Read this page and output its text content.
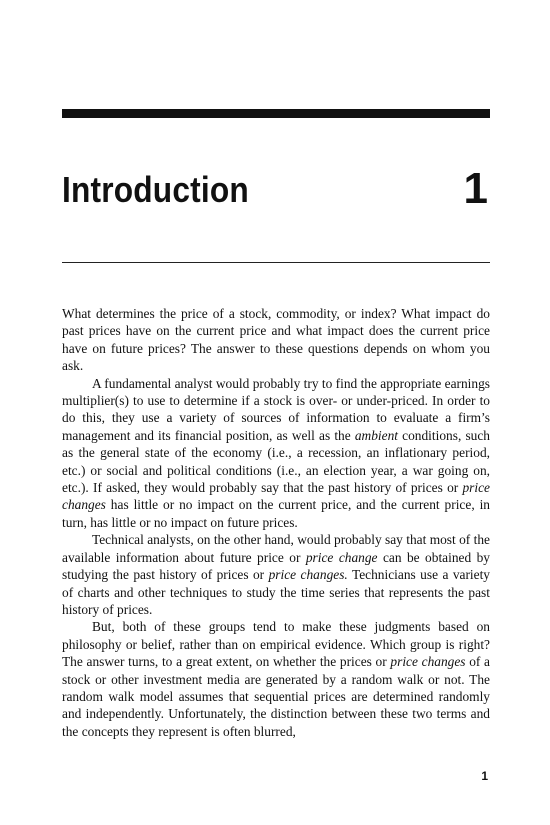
Introduction	1

What determines the price of a stock, commodity, or index? What impact do past prices have on the current price and what impact does the current price have on future prices? The answer to these questions depends on whom you ask.

A fundamental analyst would probably try to find the appropriate earnings multiplier(s) to use to determine if a stock is over- or under-priced. In order to do this, they use a variety of sources of information to evaluate a firm’s management and its financial position, as well as the ambient conditions, such as the general state of the economy (i.e., a recession, an inflationary period, etc.) or social and political conditions (i.e., an election year, a war going on, etc.). If asked, they would probably say that the past history of prices or price changes has little or no impact on the current price, and the current price, in turn, has little or no impact on future prices.

Technical analysts, on the other hand, would probably say that most of the available information about future price or price change can be obtained by studying the past history of prices or price changes. Technicians use a variety of charts and other techniques to study the time series that represents the past history of prices.

But, both of these groups tend to make these judgments based on philosophy or belief, rather than on empirical evidence. Which group is right? The answer turns, to a great extent, on whether the prices or price changes of a stock or other investment media are generated by a random walk or not. The random walk model assumes that sequential prices are determined randomly and independently. Unfortunately, the distinction between these two terms and the concepts they represent is often blurred,

1
